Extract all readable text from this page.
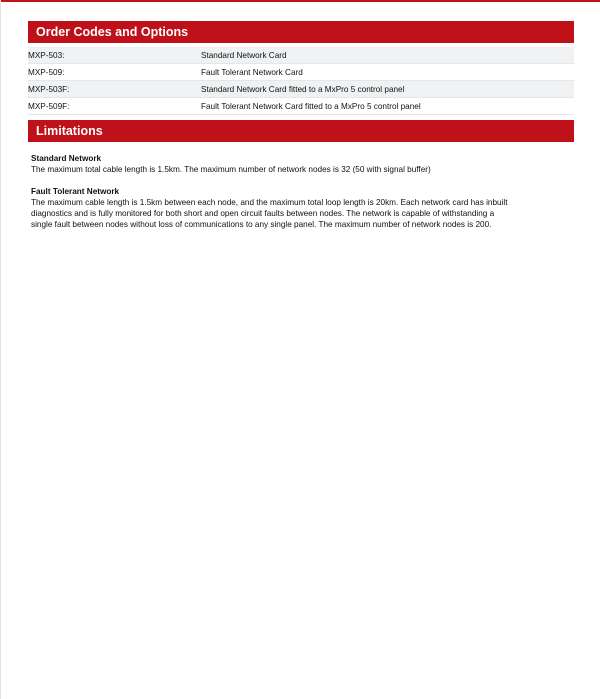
Order Codes and Options
MXP-503:	Standard Network Card
MXP-509:	Fault Tolerant Network Card
MXP-503F:	Standard Network Card fitted to a MxPro 5 control panel
MXP-509F:	Fault Tolerant Network Card fitted to a MxPro 5 control panel
Limitations
Standard Network

The maximum total cable length is 1.5km. The maximum number of network nodes is 32 (50 with signal buffer)

Fault Tolerant Network

The maximum cable length is 1.5km between each node, and the maximum total loop length is 20km. Each network card has inbuilt

diagnostics and is fully monitored for both short and open circuit faults between nodes. The network is capable of withstanding a

single fault between nodes without loss of communications to any single panel. The maximum number of network nodes is 200.
